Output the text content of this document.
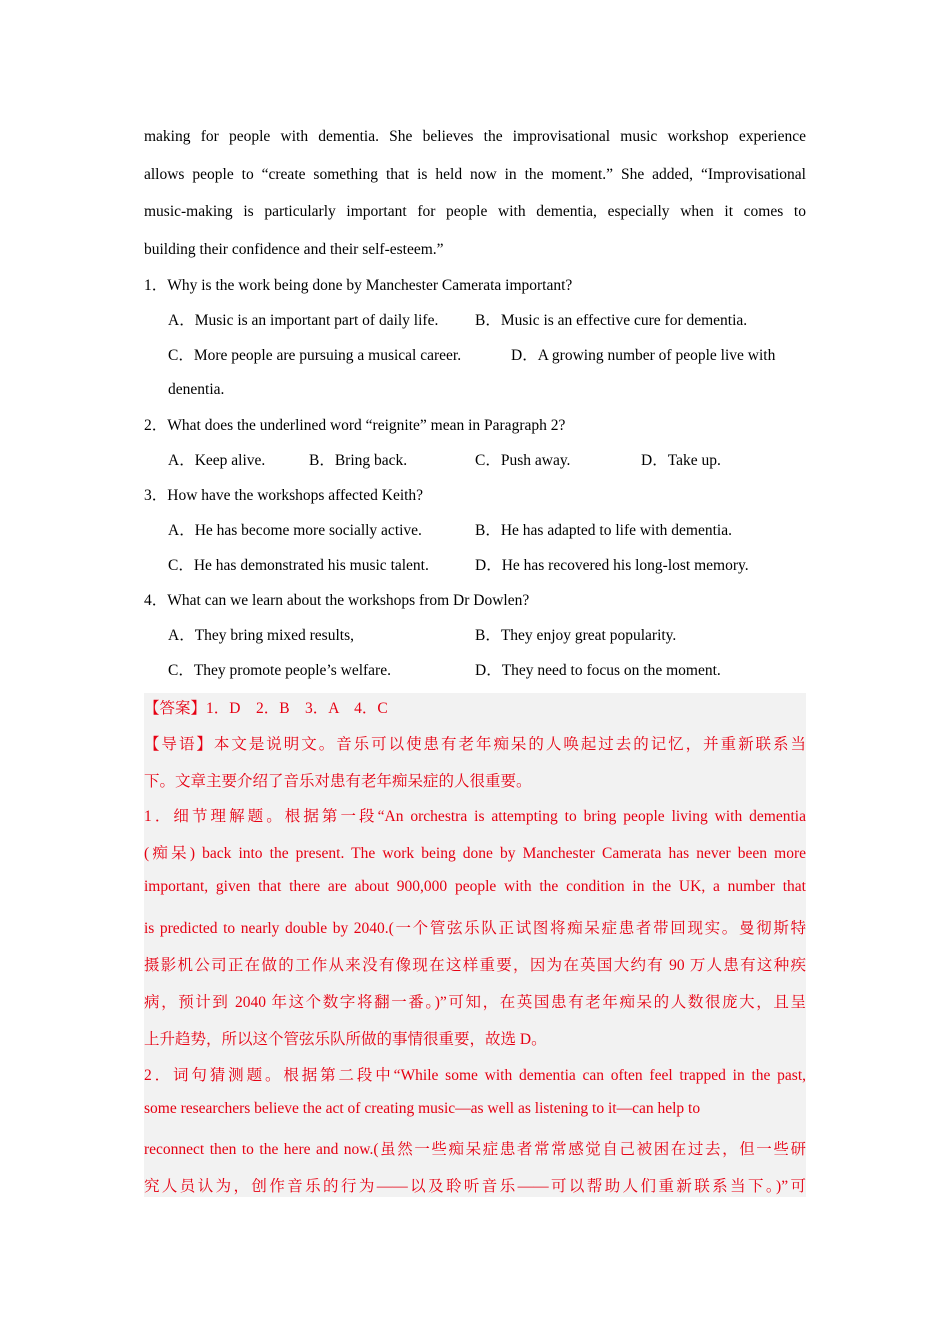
making for people with dementia. She believes the improvisational music workshop experience
allows people to “create something that is held now in the moment.” She added, “Improvisational
music-making is particularly important for people with dementia, especially when it comes to
building their confidence and their self-esteem.”

1．Why is the work being done by Manchester Camerata important?

A．Music is an important part of daily life. B．Music is an effective cure for dementia.
C．More people are pursuing a musical career.	D．A growing number of people live with
denentia.

2．What does the underlined word “reignite” mean in Paragraph 2?

A．Keep alive.	B．Bring back.	C．Push away.	D．Take up.

3．How have the workshops affected Keith?

A．He has become more socially active.	B．He has adapted to life with dementia.
C．He has demonstrated his music talent.	D．He has recovered his long-lost memory.

4．What can we learn about the workshops from Dr Dowlen?

A．They bring mixed results,	B．They enjoy great popularity.
C．They promote people’s welfare.	D．They need to focus on the moment.
【答案】1．D　2．B　3．A　4．C
【导语】本文是说明文。音乐可以使患有老年痴呆的人唤起过去的记忆，并重新联系当
下。文章主要介绍了音乐对患有老年痴呆症的人很重要。
1．细节理解题。根据第一段“An orchestra is attempting to bring people living with dementia
(痴呆) back into the present. The work being done by Manchester Camerata has never been more
important, given that there are about 900,000 people with the condition in the UK, a number that
is predicted to nearly double by 2040.(一个管弦乐队正试图将痴呆症患者带回现实。曼彻斯特
摄影机公司正在做的工作从来没有像现在这样重要，因为在英国大约有 90 万人患有这种疾
病，预计到 2040 年这个数字将翻一番。)”可知，在英国患有老年痴呆的人数很庞大，且呈
上升趋势，所以这个管弦乐队所做的事情很重要，故选 D。
2．词句猜测题。根据第二段中“While some with dementia can often feel trapped in the past,
some researchers believe the act of creating music—as well as listening to it—can help to
reconnect then to the here and now.(虽然一些痴呆症患者常常感觉自己被困在过去，但一些研
究人员认为，创作音乐的行为——以及聆听音乐——可以帮助人们重新联系当下。)”可
